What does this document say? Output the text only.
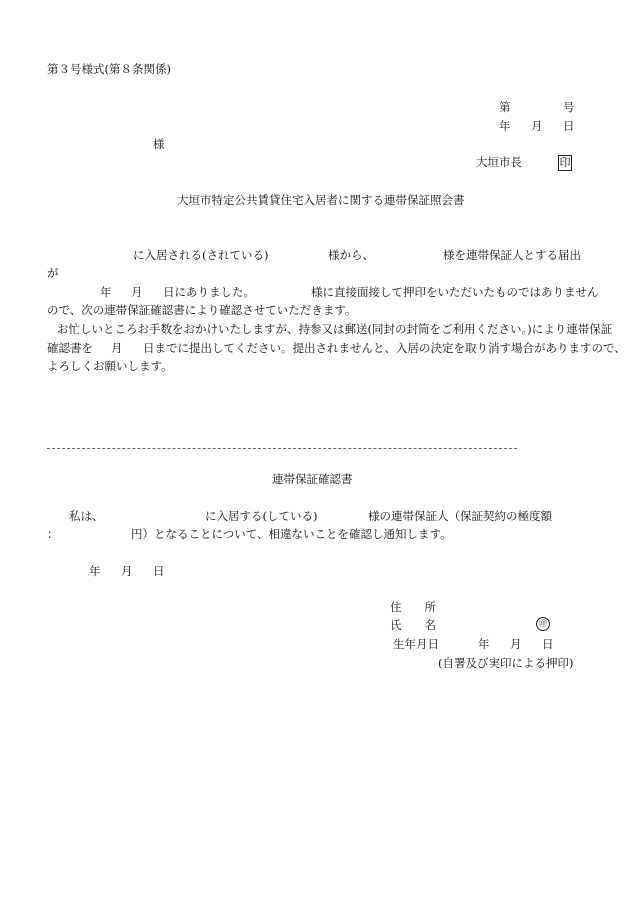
第３号様式(第８条関係)
第	号
年 月 日
様
大垣市長	印
大垣市特定公共賃貸住宅入居者に関する連帯保証照会書
に入居される(されている)	様から、	様を連帯保証人とする届出
が
年 月 日にありました。	様に直接面接して押印をいただいたものではありません
ので、次の連帯保証確認書により確認させていただきます。
お忙しいところお手数をおかけいたしますが、持参又は郵送(同封の封筒をご利用ください。)により連帯保証
確認書を 月 日までに提出してください。提出されませんと、入居の決定を取り消す場合がありますので、
よろしくお願いします。
連帯保証確認書
私は、	に入居する(している)	様の連帯保証人（保証契約の極度額
：	円）となることについて、相違ないことを確認し通知します。
年 月 日
住　　所
氏　　名	㊞
生年月日	年 月 日
(自署及び実印による押印)
